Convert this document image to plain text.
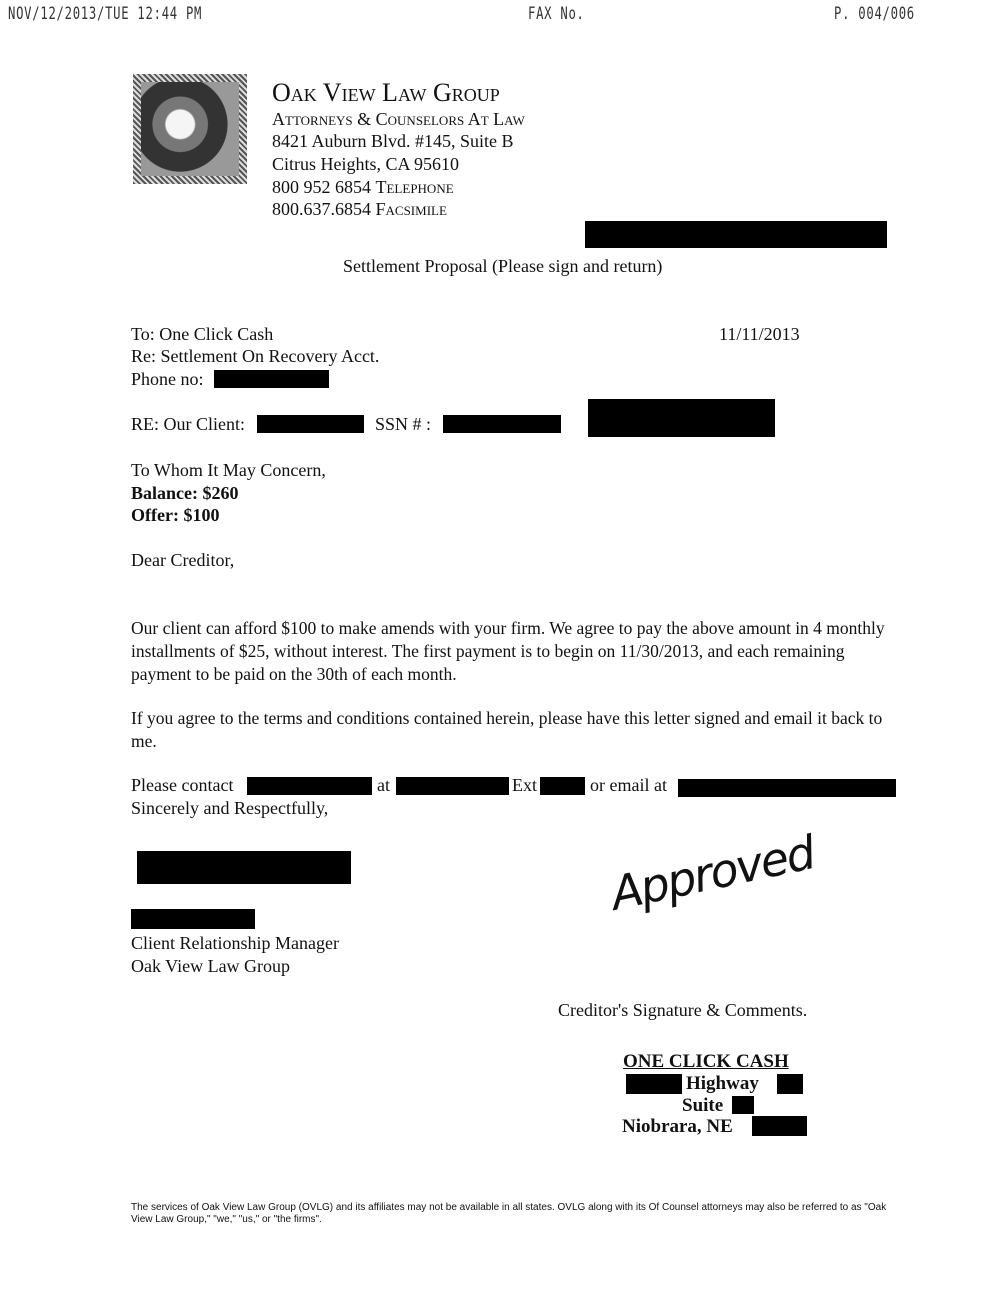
NOV/12/2013/TUE 12:44 PM	FAX No.	P. 004/006
Oak View Law Group
Attorneys & Counselors At Law
8421 Auburn Blvd. #145, Suite B
Citrus Heights, CA 95610
800 952 6854 Telephone
800.637.6854 Facsimile
Settlement Proposal (Please sign and return)
To: One Click Cash	11/11/2013
Re: Settlement On Recovery Acct.
Phone no:
RE: Our Client:	SSN # :
To Whom It May Concern,
Balance: $260
Offer: $100
Dear Creditor,
Our client can afford $100 to make amends with your firm. We agree to pay the above amount in 4 monthly installments of $25, without interest. The first payment is to begin on 11/30/2013, and each remaining payment to be paid on the 30th of each month.
If you agree to the terms and conditions contained herein, please have this letter signed and email it back to me.
Please contact	at	Ext	or email at
Sincerely and Respectfully,
Client Relationship Manager
Oak View Law Group
Approved
Creditor's Signature & Comments.
ONE CLICK CASH
Highway
Suite
Niobrara, NE
The services of Oak View Law Group (OVLG) and its affiliates may not be available in all states. OVLG along with its Of Counsel attorneys may also be referred to as "Oak View Law Group," "we," "us," or "the firms".
